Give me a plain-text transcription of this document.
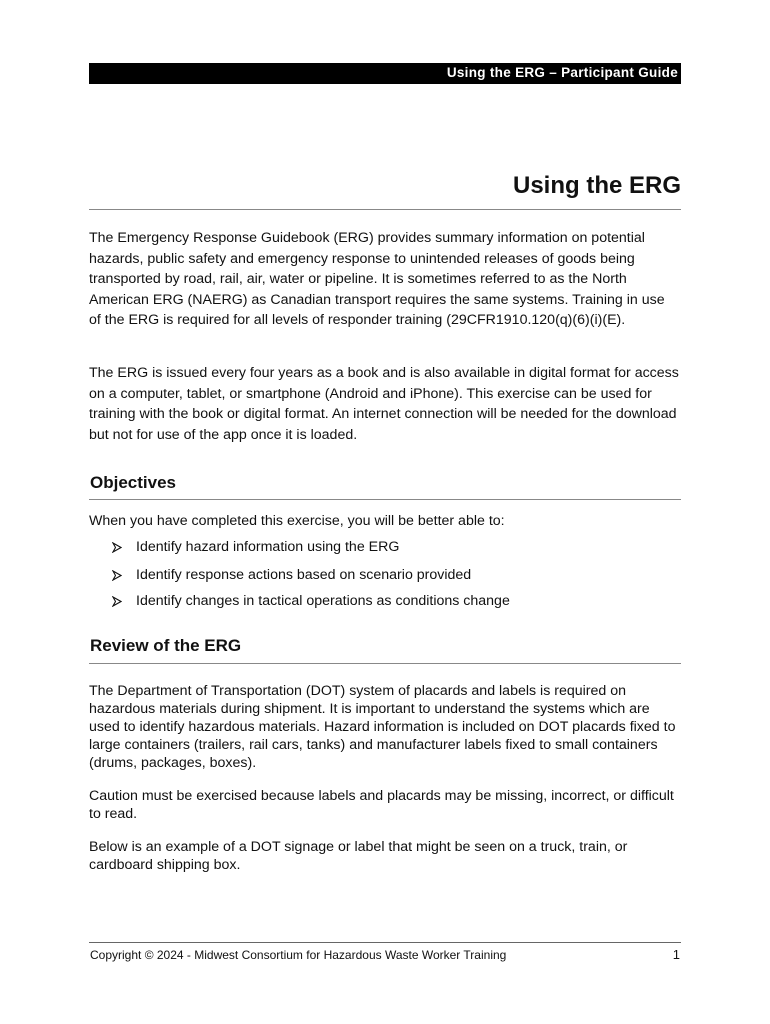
Using the ERG – Participant Guide
Using the ERG

The Emergency Response Guidebook (ERG) provides summary information on potential hazards, public safety and emergency response to unintended releases of goods being transported by road, rail, air, water or pipeline. It is sometimes referred to as the North American ERG (NAERG) as Canadian transport requires the same systems. Training in use of the ERG is required for all levels of responder training (29CFR1910.120(q)(6)(i)(E).

The ERG is issued every four years as a book and is also available in digital format for access on a computer, tablet, or smartphone (Android and iPhone). This exercise can be used for training with the book or digital format. An internet connection will be needed for the download but not for use of the app once it is loaded.

Objectives

When you have completed this exercise, you will be better able to:

Identify hazard information using the ERG
Identify response actions based on scenario provided
Identify changes in tactical operations as conditions change
Review of the ERG

The Department of Transportation (DOT) system of placards and labels is required on hazardous materials during shipment. It is important to understand the systems which are used to identify hazardous materials. Hazard information is included on DOT placards fixed to large containers (trailers, rail cars, tanks) and manufacturer labels fixed to small containers (drums, packages, boxes).

Caution must be exercised because labels and placards may be missing, incorrect, or difficult to read.

Below is an example of a DOT signage or label that might be seen on a truck, train, or cardboard shipping box.

Copyright © 2024 - Midwest Consortium for Hazardous Waste Worker Training	1
